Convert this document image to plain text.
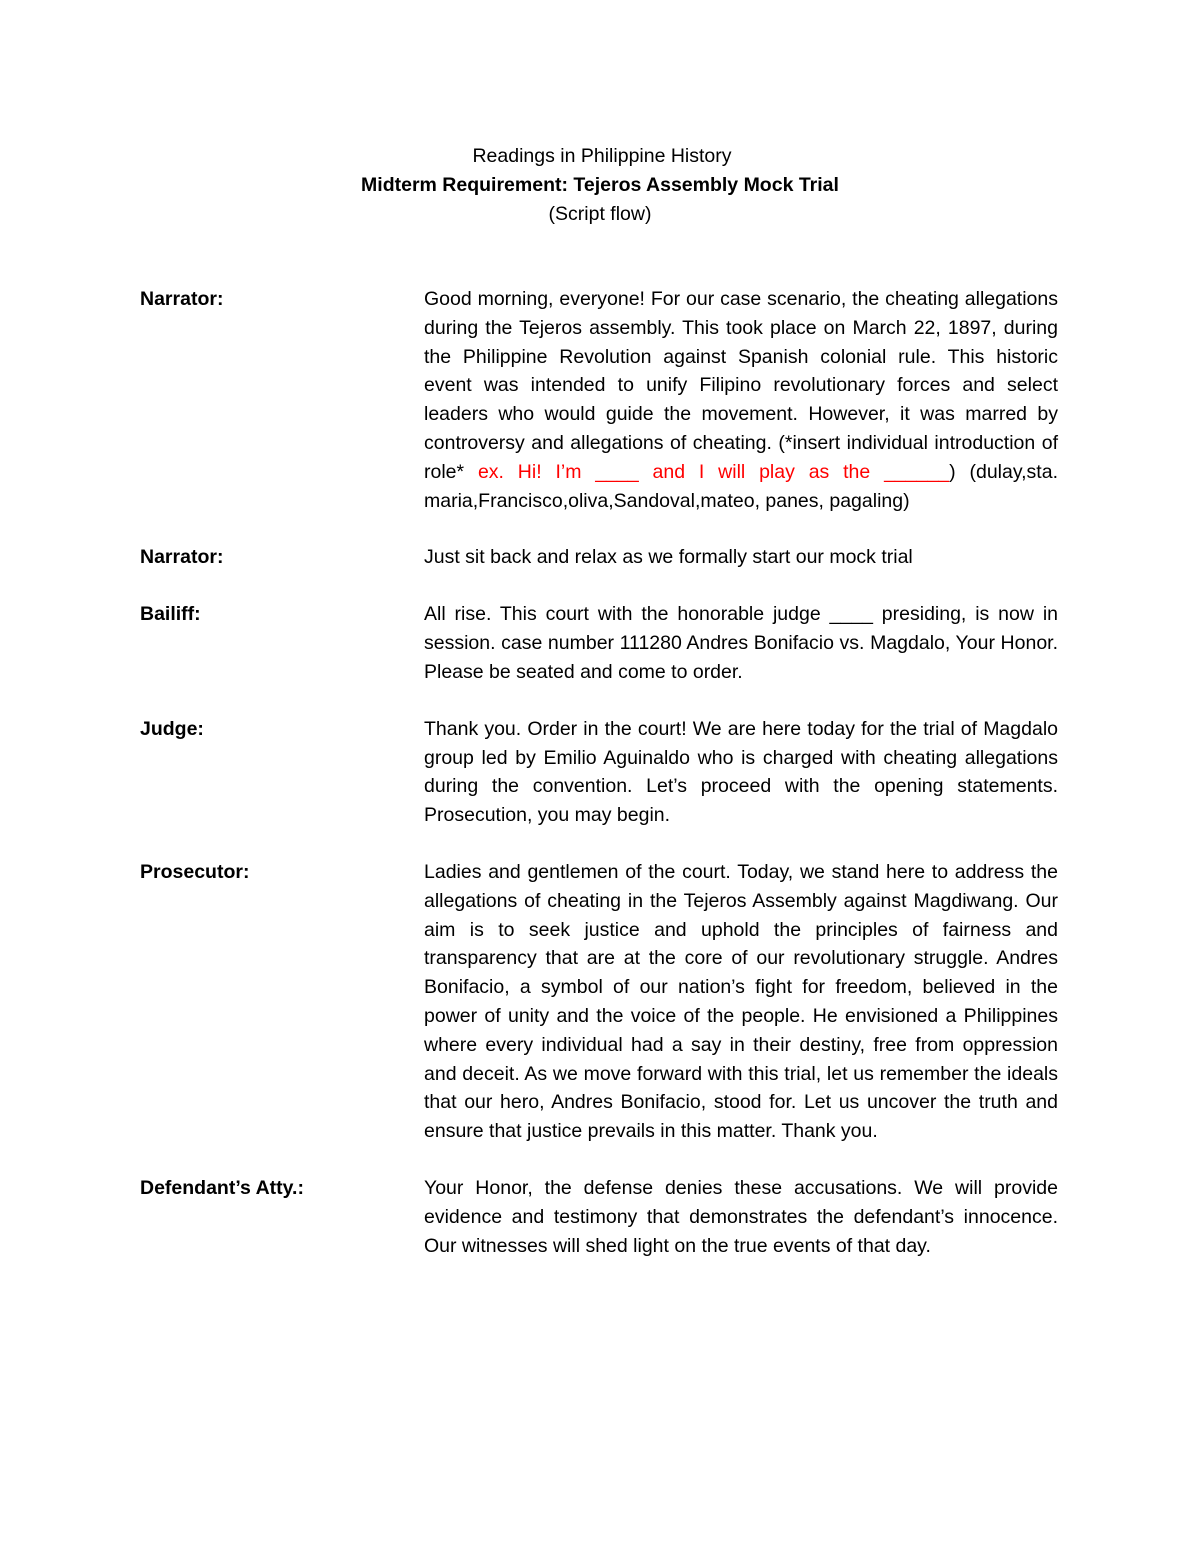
Readings in Philippine History
Midterm Requirement: Tejeros Assembly Mock Trial
(Script flow)
Narrator:	Good morning, everyone! For our case scenario, the cheating allegations during the Tejeros assembly. This took place on March 22, 1897, during the Philippine Revolution against Spanish colonial rule. This historic event was intended to unify Filipino revolutionary forces and select leaders who would guide the movement. However, it was marred by controversy and allegations of cheating. (*insert individual introduction of role* ex. Hi! I’m ____ and I will play as the ______) (dulay,sta. maria,Francisco,oliva,Sandoval,mateo, panes, pagaling)
Narrator:	Just sit back and relax as we formally start our mock trial
Bailiff:	All rise. This court with the honorable judge ____ presiding, is now in session. case number 111280 Andres Bonifacio vs. Magdalo, Your Honor. Please be seated and come to order.
Judge:	Thank you. Order in the court! We are here today for the trial of Magdalo group led by Emilio Aguinaldo who is charged with cheating allegations during the convention. Let’s proceed with the opening statements. Prosecution, you may begin.
Prosecutor:	Ladies and gentlemen of the court. Today, we stand here to address the allegations of cheating in the Tejeros Assembly against Magdiwang. Our aim is to seek justice and uphold the principles of fairness and transparency that are at the core of our revolutionary struggle. Andres Bonifacio, a symbol of our nation’s fight for freedom, believed in the power of unity and the voice of the people. He envisioned a Philippines where every individual had a say in their destiny, free from oppression and deceit. As we move forward with this trial, let us remember the ideals that our hero, Andres Bonifacio, stood for. Let us uncover the truth and ensure that justice prevails in this matter. Thank you.
Defendant’s Atty.:	Your Honor, the defense denies these accusations. We will provide evidence and testimony that demonstrates the defendant’s innocence. Our witnesses will shed light on the true events of that day.
